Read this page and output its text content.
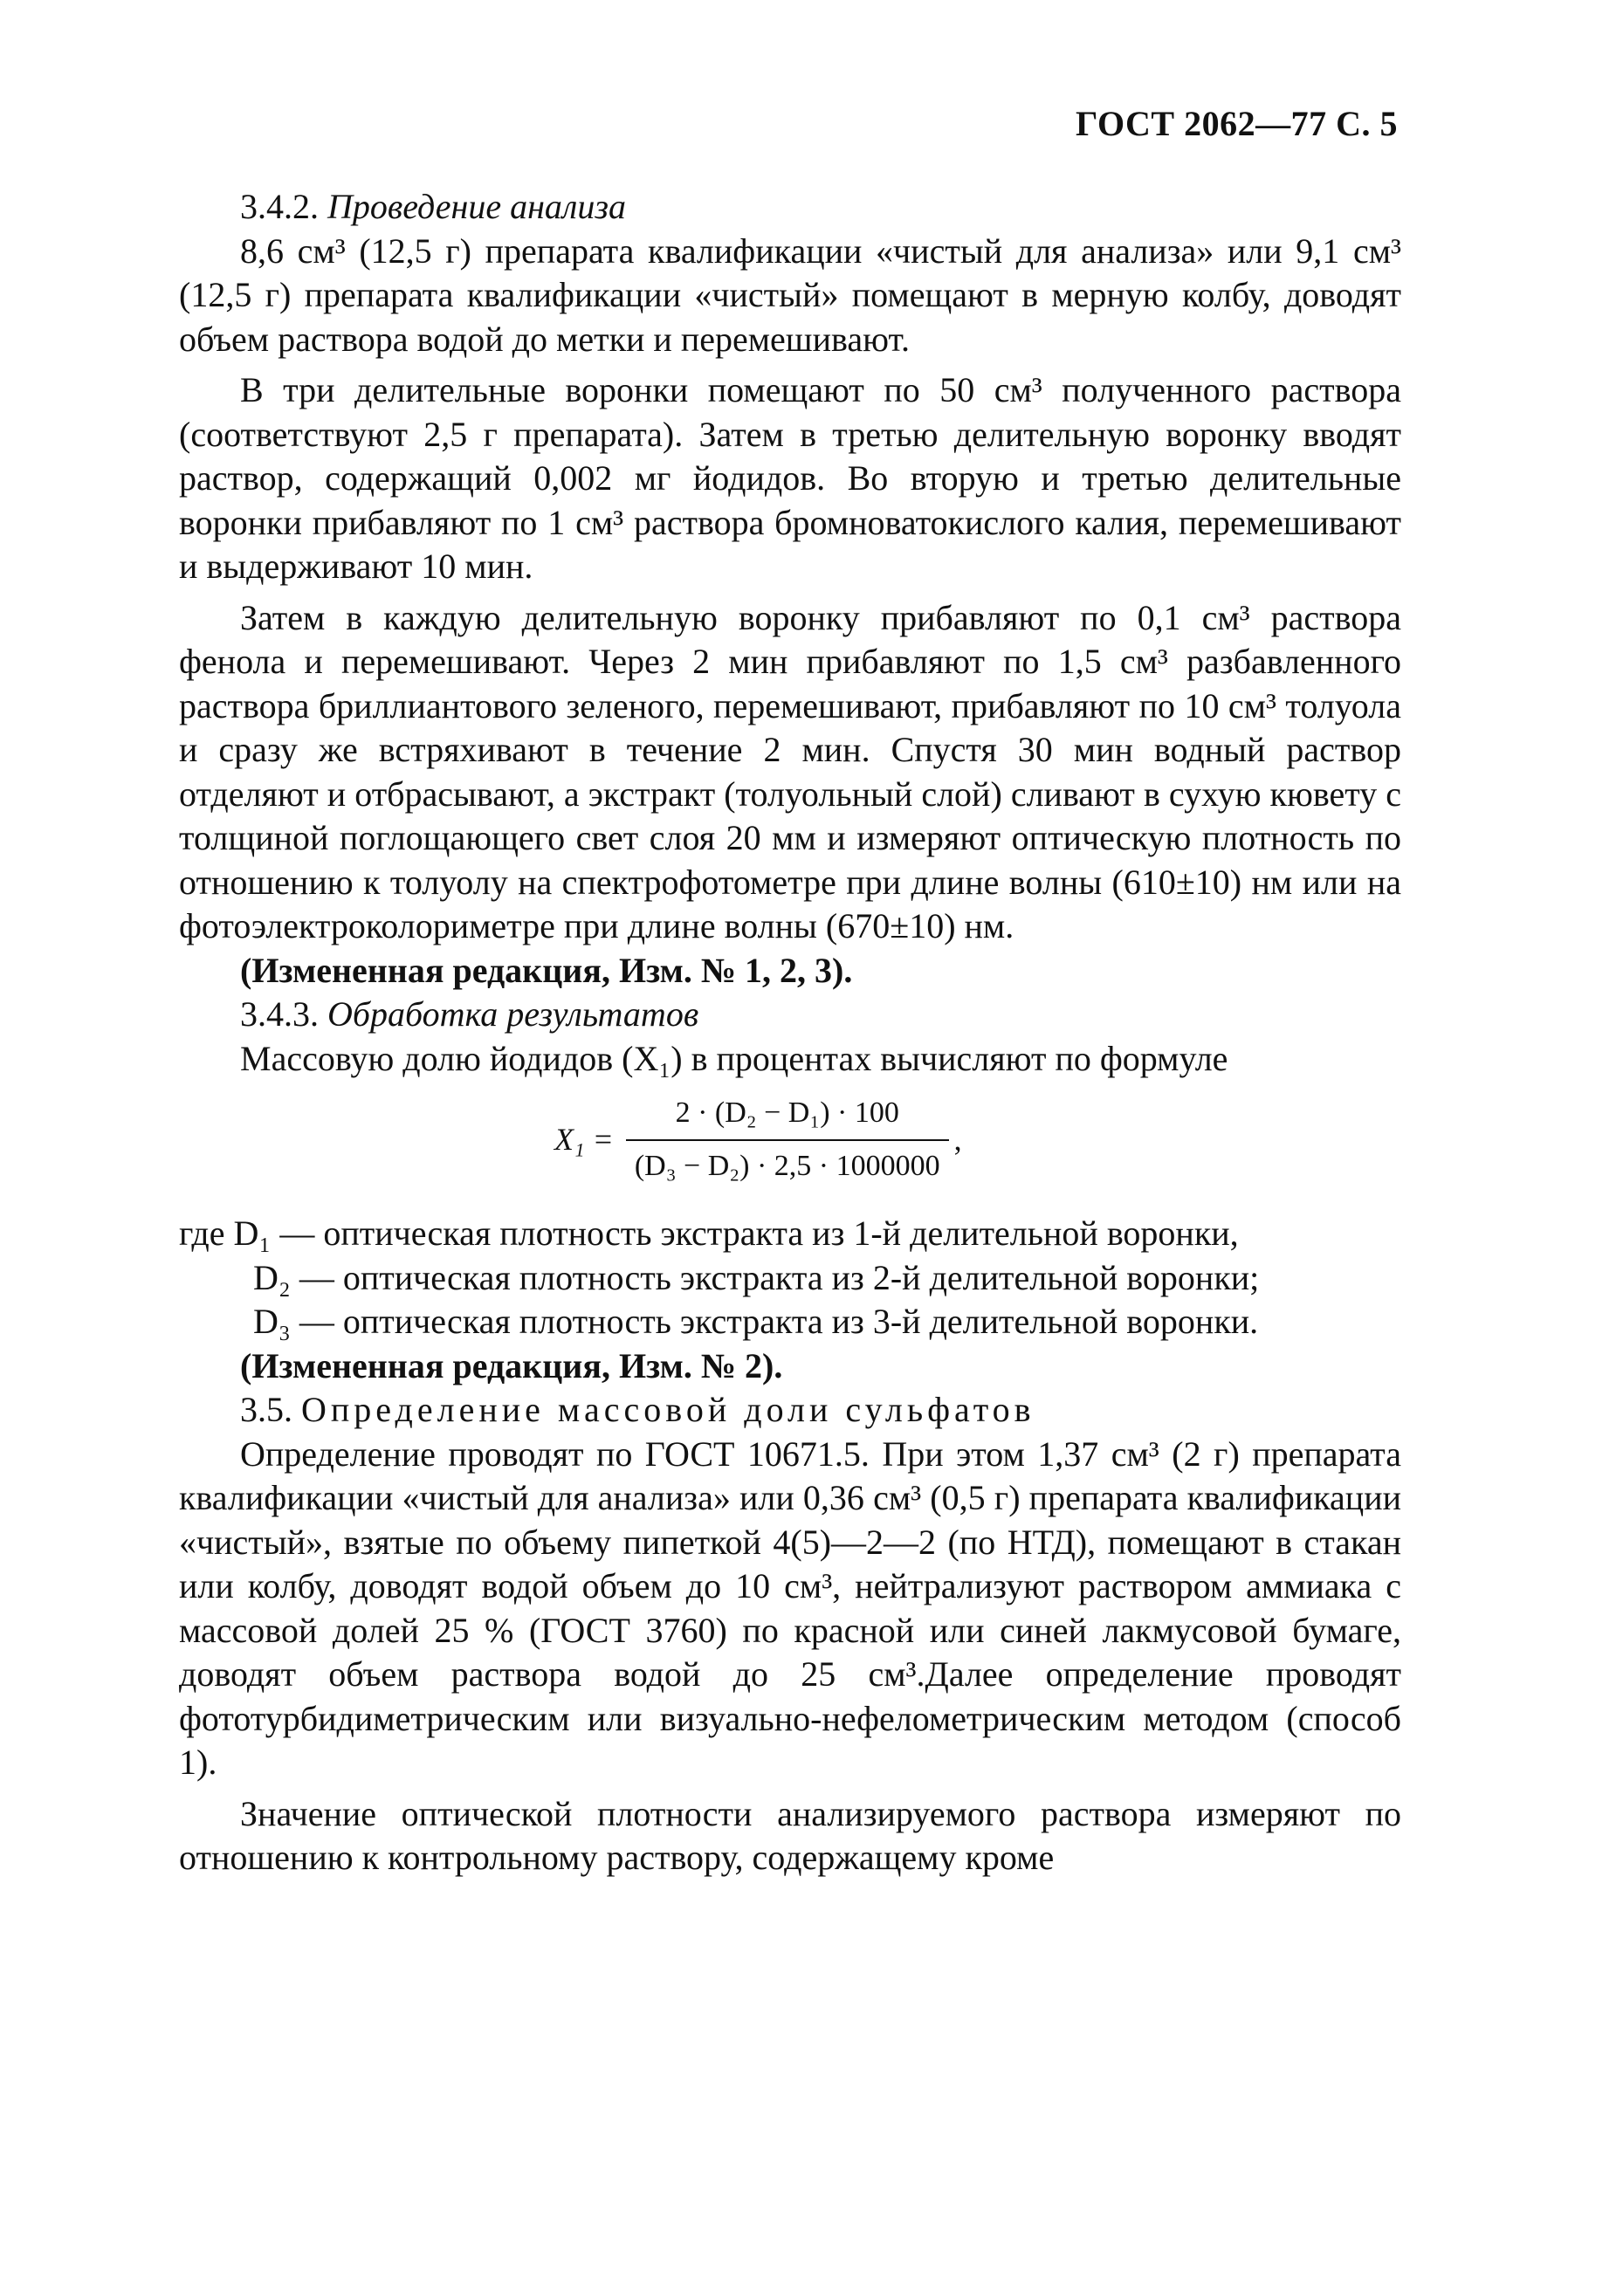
ГОСТ 2062—77 С. 5

3.4.2. Проведение анализа

8,6 см³ (12,5 г) препарата квалификации «чистый для анализа» или 9,1 см³ (12,5 г) препарата квалификации «чистый» помещают в мерную колбу, доводят объем раствора водой до метки и перемешивают.

В три делительные воронки помещают по 50 см³ полученного раствора (соответствуют 2,5 г препарата). Затем в третью делительную воронку вводят раствор, содержащий 0,002 мг йодидов. Во вторую и третью делительные воронки прибавляют по 1 см³ раствора бромноватокислого калия, перемешивают и выдерживают 10 мин.

Затем в каждую делительную воронку прибавляют по 0,1 см³ раствора фенола и перемешивают. Через 2 мин прибавляют по 1,5 см³ разбавленного раствора бриллиантового зеленого, перемешивают, прибавляют по 10 см³ толуола и сразу же встряхивают в течение 2 мин. Спустя 30 мин водный раствор отделяют и отбрасывают, а экстракт (толуольный слой) сливают в сухую кювету с толщиной поглощающего свет слоя 20 мм и измеряют оптическую плотность по отношению к толуолу на спектрофотометре при длине волны (610±10) нм или на фотоэлектроколориметре при длине волны (670±10) нм.

(Измененная редакция, Изм. № 1, 2, 3).

3.4.3. Обработка результатов

Массовую долю йодидов (X₁) в процентах вычисляют по формуле

$X_1 = \frac{\text{2 · (D₂ − D₁) · 100}}{\text{(D₃ − D₂) · 2,5 · 1000000}}$ ,

где D₁ — оптическая плотность экстракта из 1-й делительной воронки,

D₂ — оптическая плотность экстракта из 2-й делительной воронки;

D₃ — оптическая плотность экстракта из 3-й делительной воронки.

(Измененная редакция, Изм. № 2).

3.5. Определение массовой доли сульфатов

Определение проводят по ГОСТ 10671.5. При этом 1,37 см³ (2 г) препарата квалификации «чистый для анализа» или 0,36 см³ (0,5 г) препарата квалификации «чистый», взятые по объему пипеткой 4(5)—2—2 (по НТД), помещают в стакан или колбу, доводят водой объем до 10 см³, нейтрализуют раствором аммиака с массовой долей 25 % (ГОСТ 3760) по красной или синей лакмусовой бумаге, доводят объем раствора водой до 25 см³.Далее определение проводят фототурбидиметрическим или визуально-нефелометрическим методом (способ 1).

Значение оптической плотности анализируемого раствора измеряют по отношению к контрольному раствору, содержащему кроме
